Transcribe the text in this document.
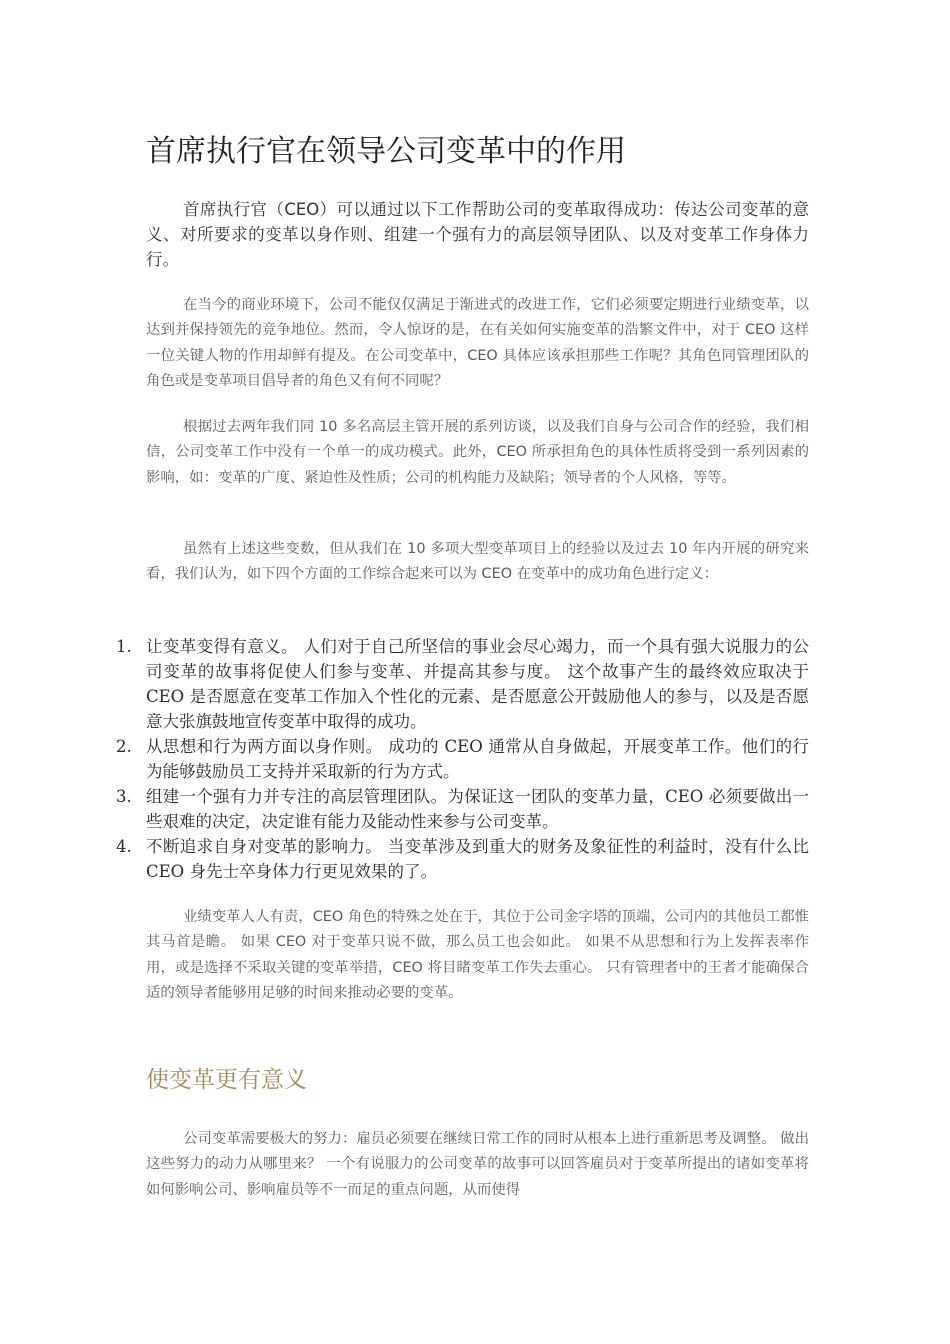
首席执行官在领导公司变革中的作用

首席执行官（CEO）可以通过以下工作帮助公司的变革取得成功：传达公司变革的意义、对所要求的变革以身作则、组建一个强有力的高层领导团队、以及对变革工作身体力行。

在当今的商业环境下，公司不能仅仅满足于渐进式的改进工作，它们必须要定期进行业绩变革，以达到并保持领先的竞争地位。然而，令人惊讶的是，在有关如何实施变革的浩繁文件中，对于 CEO 这样一位关键人物的作用却鲜有提及。在公司变革中，CEO 具体应该承担那些工作呢？其角色同管理团队的角色或是变革项目倡导者的角色又有何不同呢？

根据过去两年我们同 10 多名高层主管开展的系列访谈，以及我们自身与公司合作的经验，我们相信，公司变革工作中没有一个单一的成功模式。此外，CEO 所承担角色的具体性质将受到一系列因素的影响，如：变革的广度、紧迫性及性质；公司的机构能力及缺陷；领导者的个人风格，等等。

虽然有上述这些变数，但从我们在 10 多项大型变革项目上的经验以及过去 10 年内开展的研究来看，我们认为，如下四个方面的工作综合起来可以为 CEO 在变革中的成功角色进行定义：

1. 让变革变得有意义。 人们对于自己所坚信的事业会尽心竭力，而一个具有强大说服力的公司变革的故事将促使人们参与变革、并提高其参与度。 这个故事产生的最终效应取决于 CEO 是否愿意在变革工作加入个性化的元素、是否愿意公开鼓励他人的参与，以及是否愿意大张旗鼓地宣传变革中取得的成功。
2. 从思想和行为两方面以身作则。 成功的 CEO 通常从自身做起，开展变革工作。他们的行为能够鼓励员工支持并采取新的行为方式。
3. 组建一个强有力并专注的高层管理团队。为保证这一团队的变革力量，CEO 必须要做出一些艰难的决定，决定谁有能力及能动性来参与公司变革。
4. 不断追求自身对变革的影响力。 当变革涉及到重大的财务及象征性的利益时，没有什么比 CEO 身先士卒身体力行更见效果的了。

业绩变革人人有责，CEO 角色的特殊之处在于，其位于公司金字塔的顶端，公司内的其他员工都惟其马首是瞻。 如果 CEO 对于变革只说不做，那么员工也会如此。 如果不从思想和行为上发挥表率作用，或是选择不采取关键的变革举措，CEO 将目睹变革工作失去重心。 只有管理者中的王者才能确保合适的领导者能够用足够的时间来推动必要的变革。

使变革更有意义

公司变革需要极大的努力：雇员必须要在继续日常工作的同时从根本上进行重新思考及调整。 做出这些努力的动力从哪里来？ 一个有说服力的公司变革的故事可以回答雇员对于变革所提出的诸如变革将如何影响公司、影响雇员等不一而足的重点问题，从而使得
